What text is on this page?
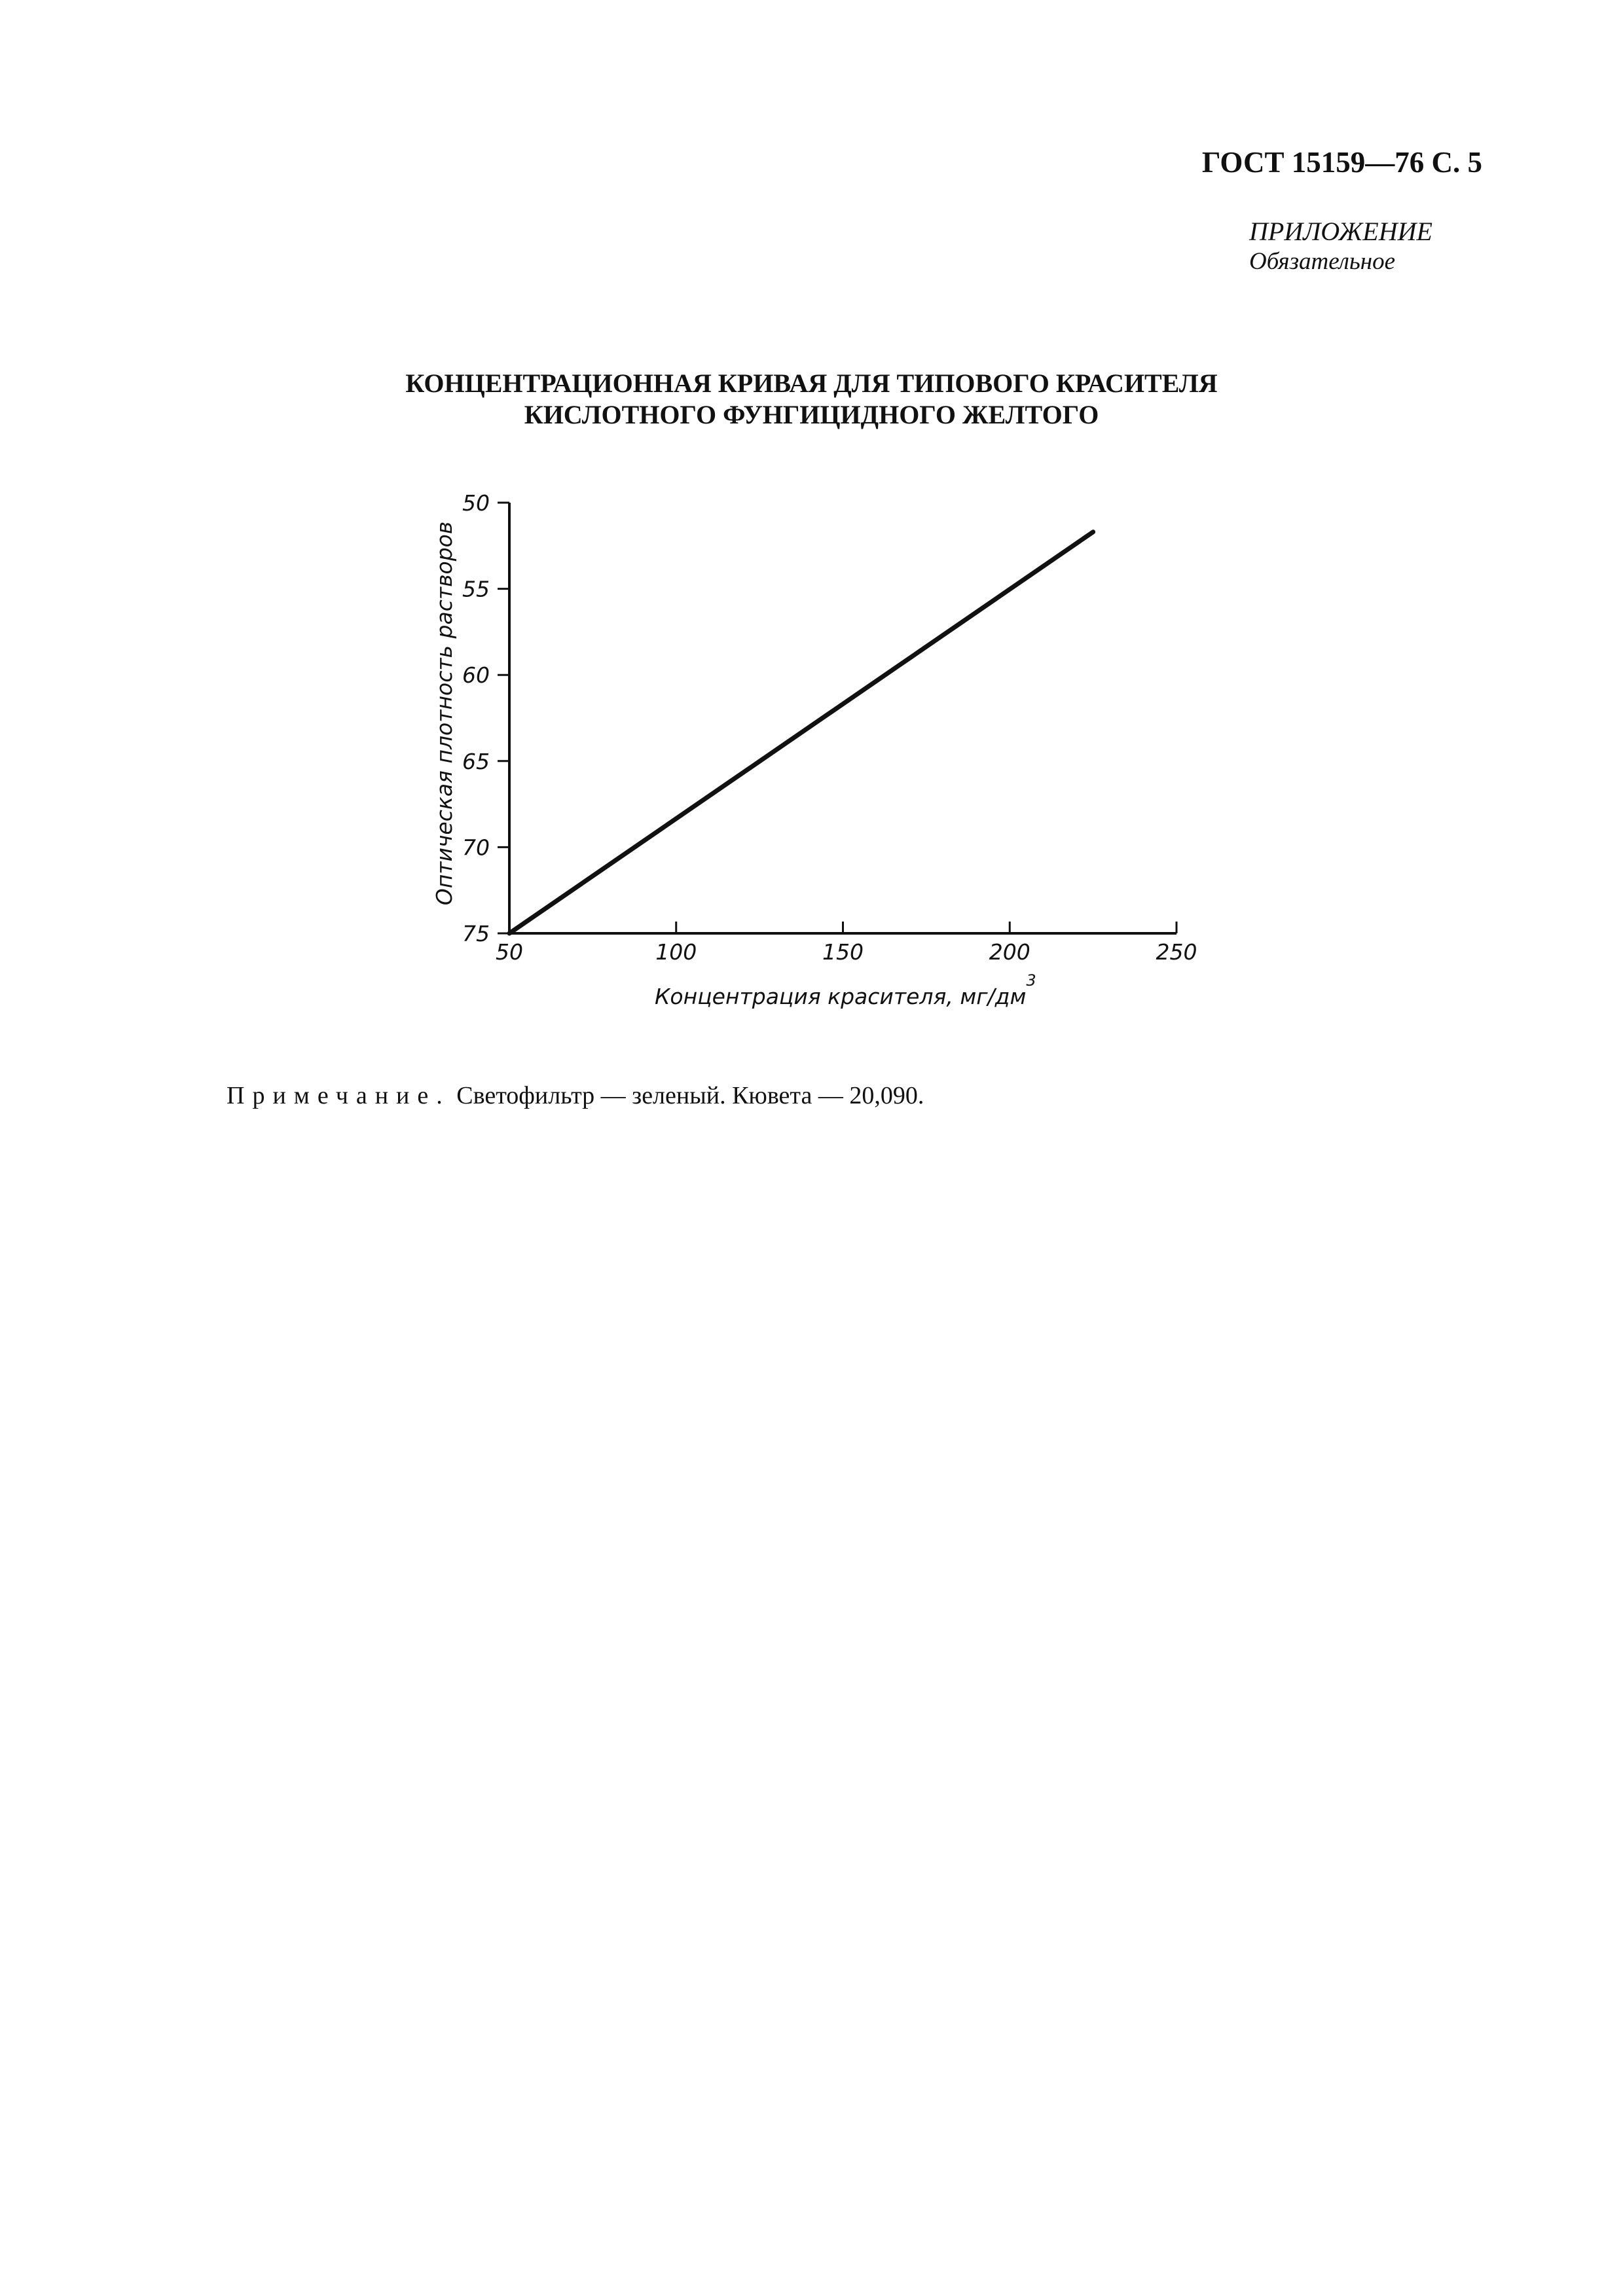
ГОСТ 15159—76 С. 5
ПРИЛОЖЕНИЕ
Обязательное
КОНЦЕНТРАЦИОННАЯ КРИВАЯ ДЛЯ ТИПОВОГО КРАСИТЕЛЯ
КИСЛОТНОГО ФУНГИЦИДНОГО ЖЕЛТОГО
50
55
60
65
70
75
50	100	150	200	250
Концентрация красителя, $мг/дм^3$
Оптическая плотность растворов
Примечание. Светофильтр — зеленый. Кювета — 20,090.
